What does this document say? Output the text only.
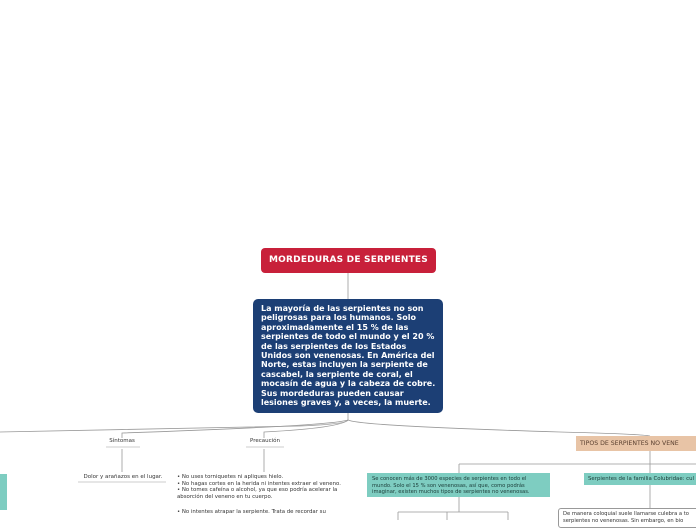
MORDEDURAS DE SERPIENTES
La mayoría de las serpientes no son peligrosas para los humanos. Solo aproximadamente el 15 % de las serpientes de todo el mundo y el 20 % de las serpientes de los Estados Unidos son venenosas. En América del Norte, estas incluyen la serpiente de cascabel, la serpiente de coral, el mocasín de agua y la cabeza de cobre. Sus mordeduras pueden causar lesiones graves y, a veces, la muerte.
Síntomas
Dolor y arañazos en el lugar.
Precaución

• No uses torniquetes ni apliques hielo.

• No hagas cortes en la herida ni intentes extraer el veneno.

• No tomes cafeína o alcohol, ya que eso podría acelerar la absorción del veneno en tu cuerpo.

• No intentes atrapar la serpiente. Trata de recordar su

TIPOS DE SERPIENTES NO VENE
Se conocen más de 3000 especies de serpientes en todo el mundo. Solo el 15 % son venenosas, así que, como podrás imaginar, existen muchos tipos de serpientes no venenosas.
Serpientes de la familia Colubridae: cul
De manera coloquial suele llamarse culebra a to
serpientes no venenosas. Sin embargo, en bio
